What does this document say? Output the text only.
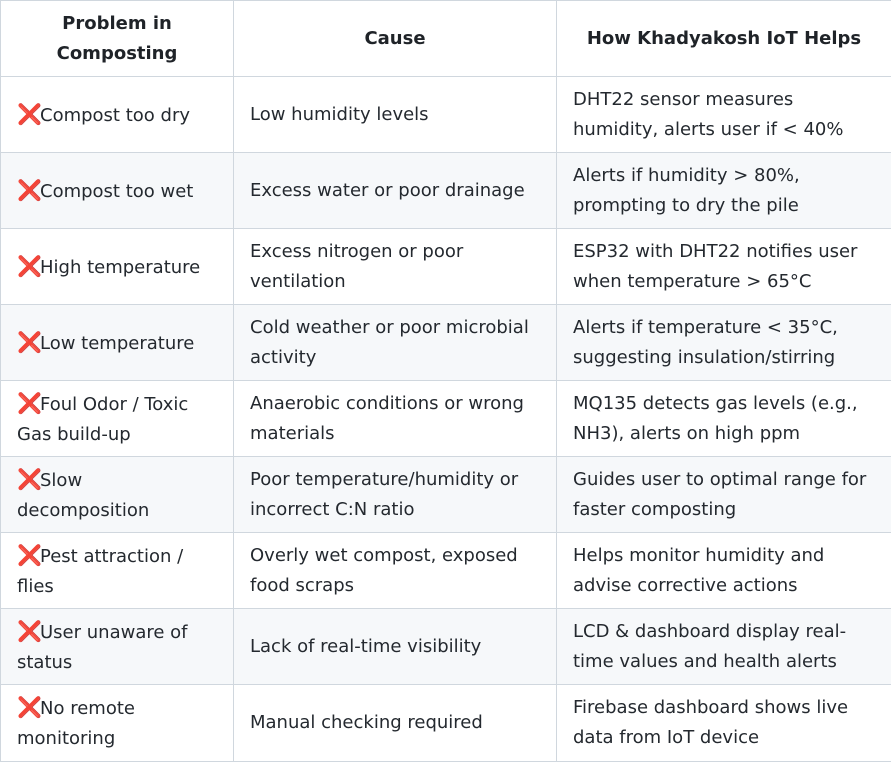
Problem in Composting	Cause	How Khadyakosh IoT Helps
❌Compost too dry	Low humidity levels	DHT22 sensor measures humidity, alerts user if < 40%
❌Compost too wet	Excess water or poor drainage	Alerts if humidity > 80%, prompting to dry the pile
❌High temperature	Excess nitrogen or poor ventilation	ESP32 with DHT22 notifies user when temperature > 65°C
❌Low temperature	Cold weather or poor microbial activity	Alerts if temperature < 35°C, suggesting insulation/stirring
❌Foul Odor / Toxic Gas build-up	Anaerobic conditions or wrong materials	MQ135 detects gas levels (e.g., NH3), alerts on high ppm
❌Slow decomposition	Poor temperature/humidity or incorrect C:N ratio	Guides user to optimal range for faster composting
❌Pest attraction / flies	Overly wet compost, exposed food scraps	Helps monitor humidity and advise corrective actions
❌User unaware of status	Lack of real-time visibility	LCD & dashboard display real-time values and health alerts
❌No remote monitoring	Manual checking required	Firebase dashboard shows live data from IoT device
